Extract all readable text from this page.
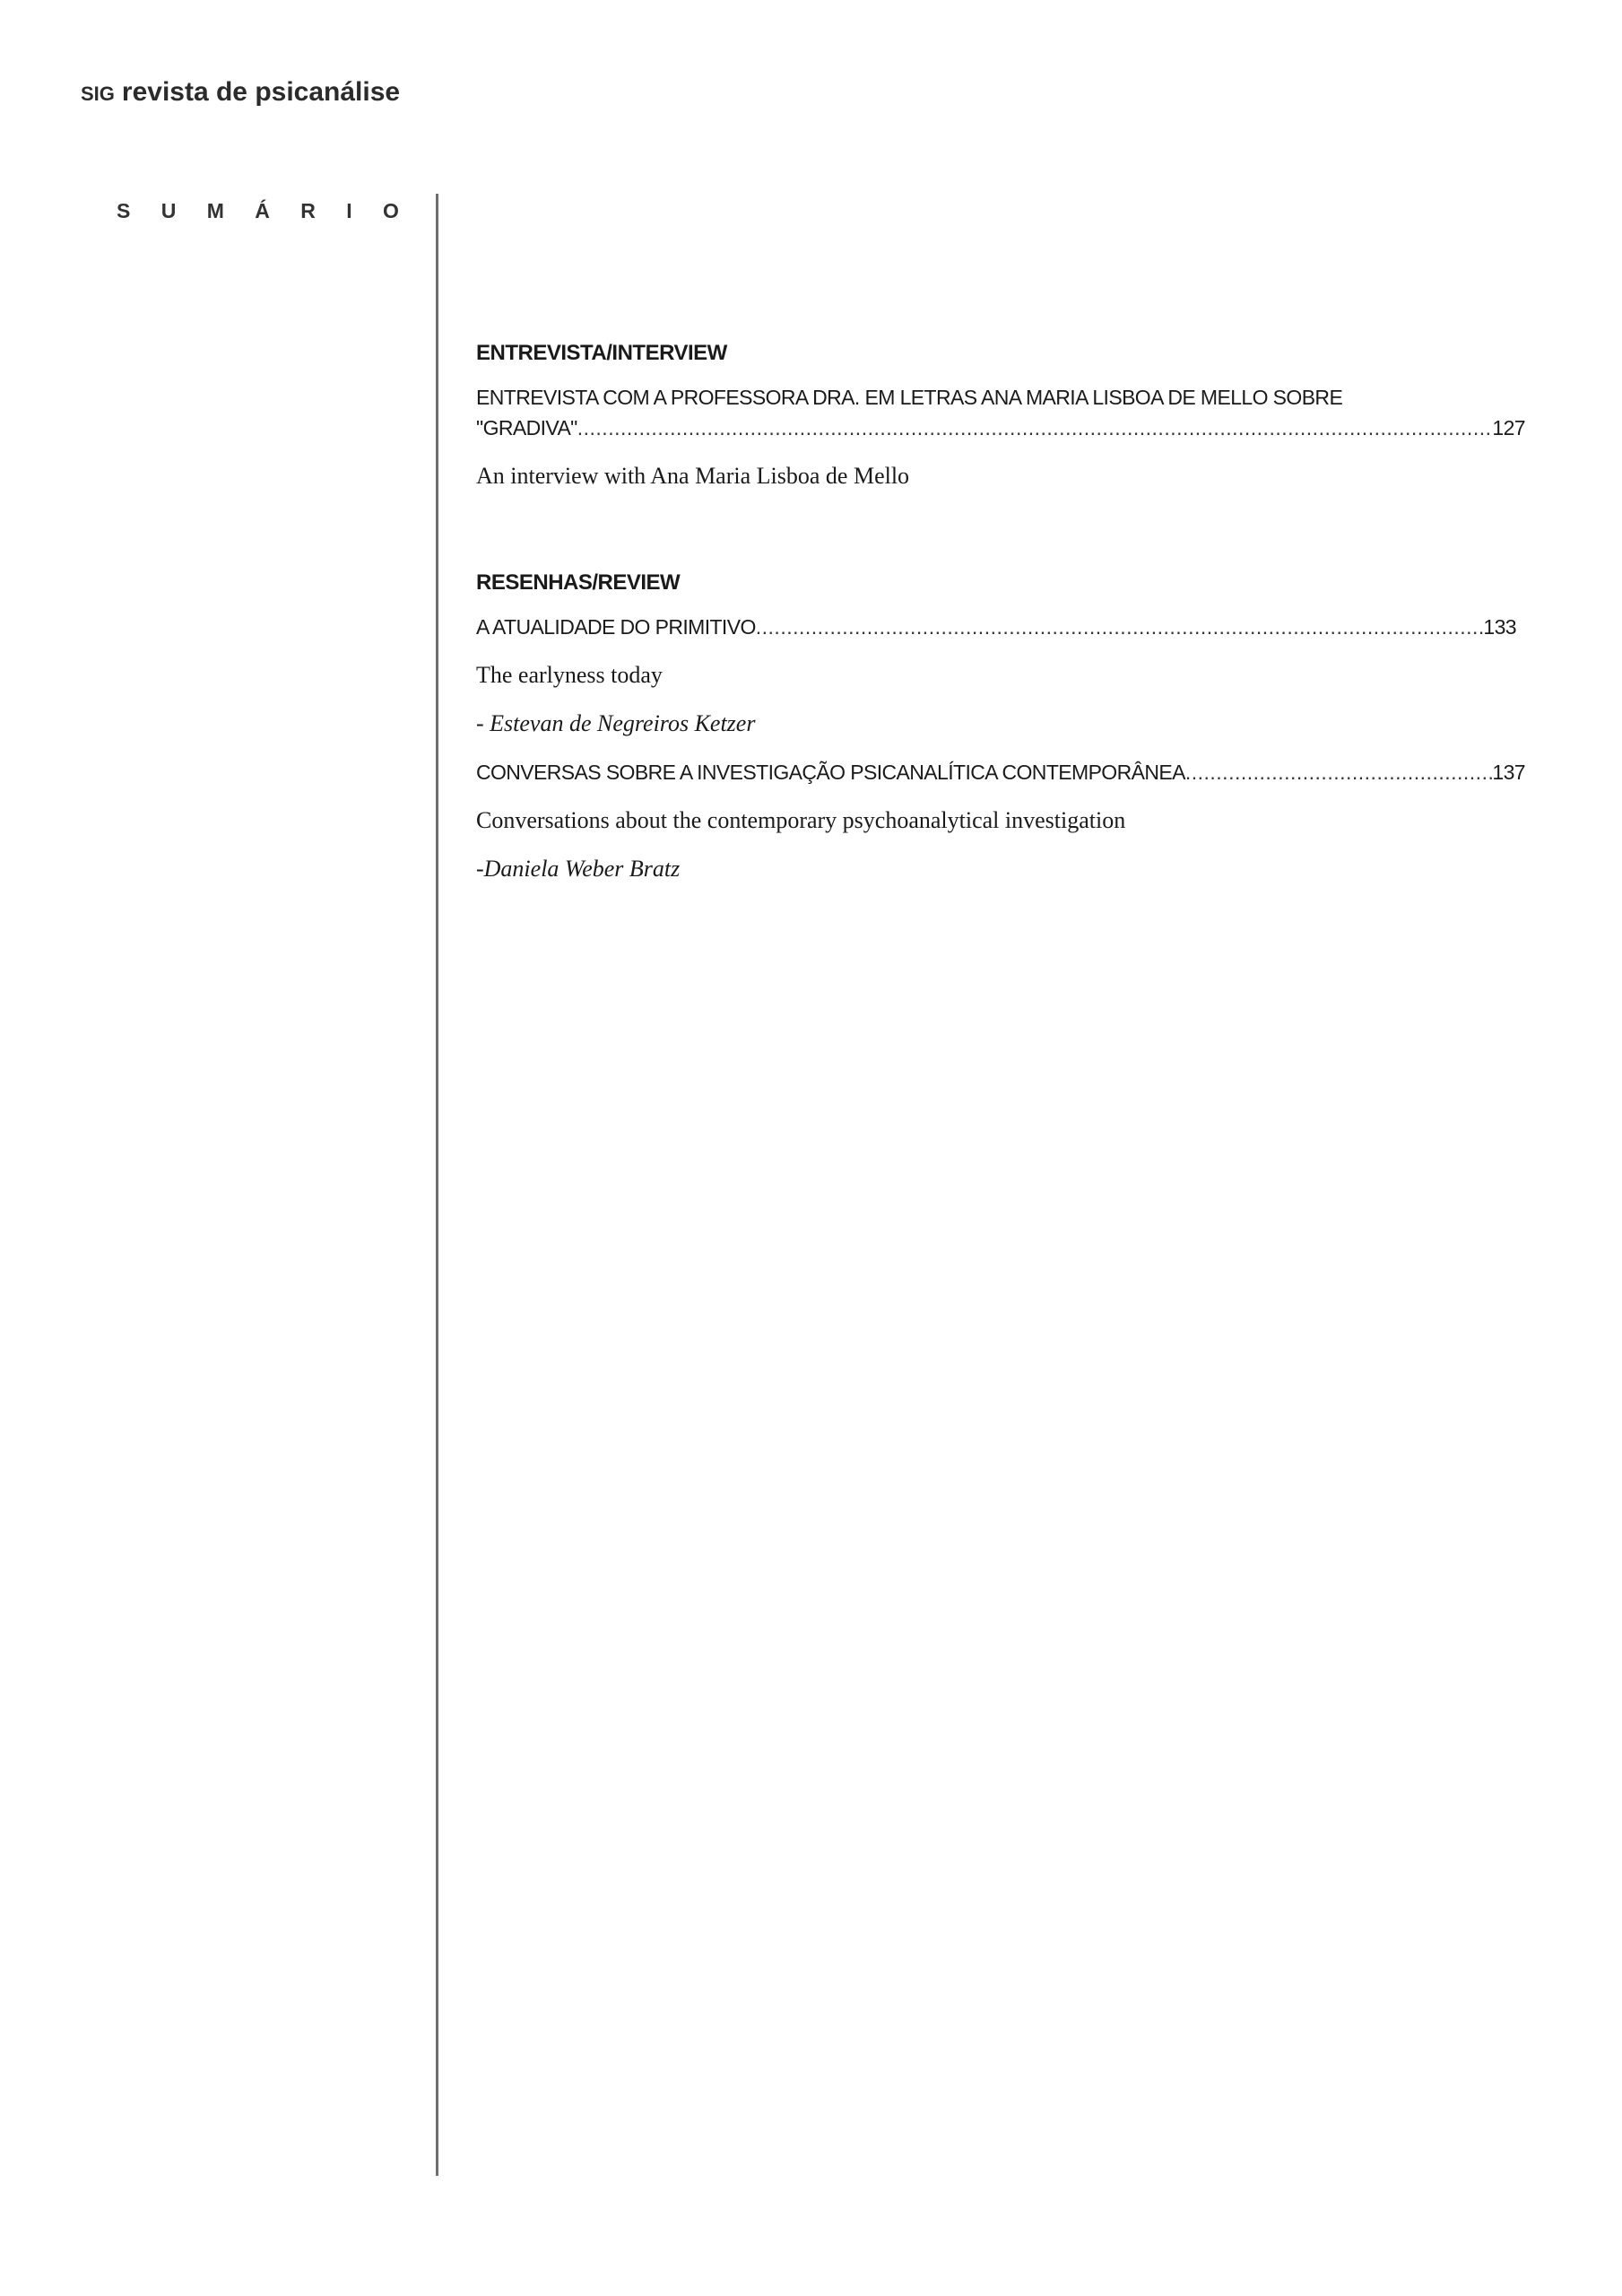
SIG revista de psicanálise
S U M Á R I O
ENTREVISTA/INTERVIEW
ENTREVISTA COM A PROFESSORA DRA. EM LETRAS ANA MARIA LISBOA DE MELLO SOBRE
"GRADIVA" .....	127
An interview with Ana Maria Lisboa de Mello
RESENHAS/REVIEW
A ATUALIDADE DO PRIMITIVO .....	133
The earlyness today
- Estevan de Negreiros Ketzer
CONVERSAS SOBRE A INVESTIGAÇÃO PSICANALÍTICA CONTEMPORÂNEA .....	137
Conversations about the contemporary psychoanalytical investigation
-Daniela Weber Bratz
